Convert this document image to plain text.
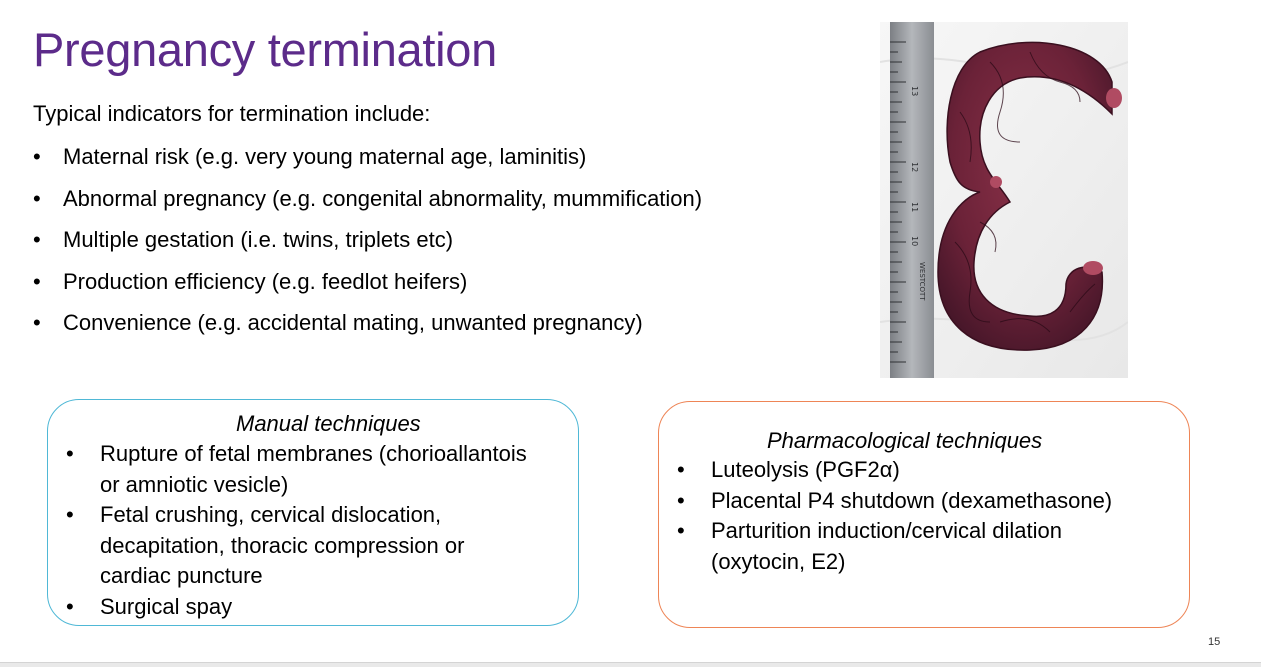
Pregnancy termination

Typical indicators for termination include:

• Maternal risk (e.g. very young maternal age, laminitis)
• Abnormal pregnancy (e.g. congenital abnormality, mummification)
• Multiple gestation (i.e. twins, triplets etc)
• Production efficiency (e.g. feedlot heifers)
• Convenience (e.g. accidental mating, unwanted pregnancy)
13
12
11
10
WESTCOTT
Manual techniques
• Rupture of fetal membranes (chorioallantois or amniotic vesicle)
• Fetal crushing, cervical dislocation, decapitation, thoracic compression or cardiac puncture
• Surgical spay
Pharmacological techniques
• Luteolysis (PGF2α)
• Placental P4 shutdown (dexamethasone)
• Parturition induction/cervical dilation (oxytocin, E2)
15
